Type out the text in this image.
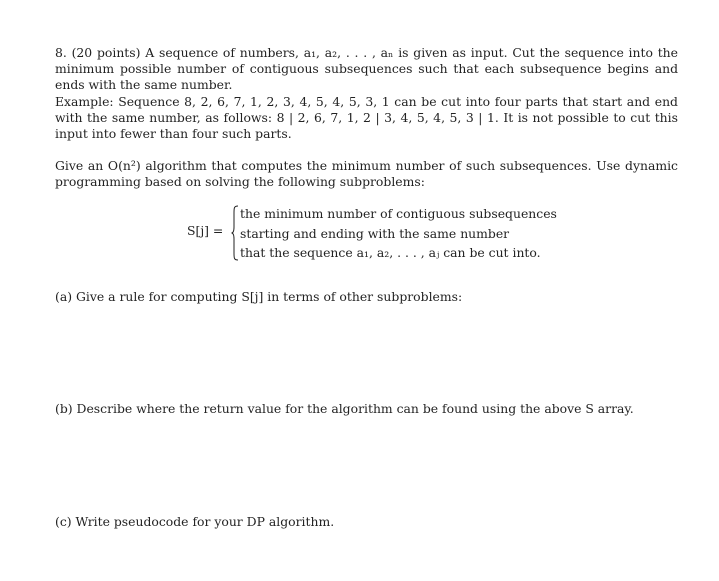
8. (20 points) A sequence of numbers, a₁, a₂, . . . , aₙ is given as input. Cut the sequence into the minimum possible number of contiguous subsequences such that each subsequence begins and ends with the same number.

Example: Sequence 8, 2, 6, 7, 1, 2, 3, 4, 5, 4, 5, 3, 1 can be cut into four parts that start and end with the same number, as follows: 8 | 2, 6, 7, 1, 2 | 3, 4, 5, 4, 5, 3 | 1. It is not possible to cut this input into fewer than four such parts.

Give an O(n²) algorithm that computes the minimum number of such subsequences. Use dynamic programming based on solving the following subproblems:

S[j] =
the minimum number of contiguous subsequences
starting and ending with the same number
that the sequence a₁, a₂, . . . , aⱼ can be cut into.

(a) Give a rule for computing S[j] in terms of other subproblems:

(b) Describe where the return value for the algorithm can be found using the above S array.

(c) Write pseudocode for your DP algorithm.
